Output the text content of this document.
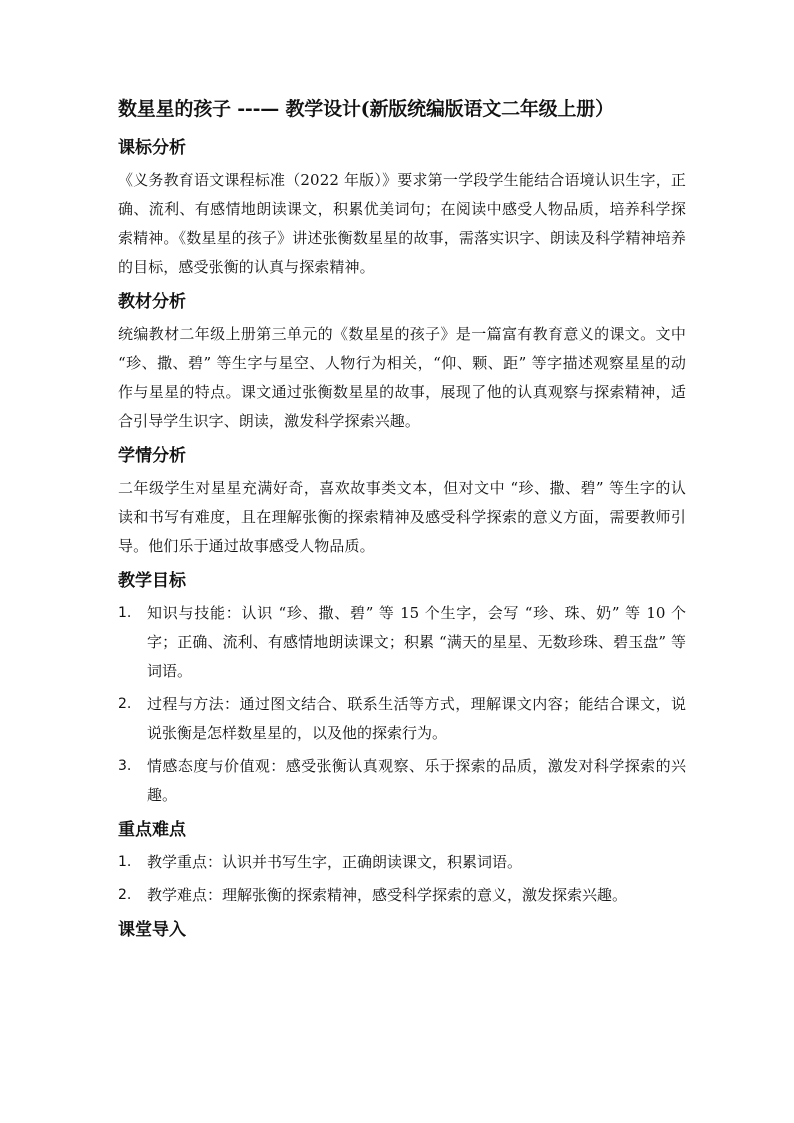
数星星的孩子 ---— 教学设计(新版统编版语文二年级上册）
课标分析

《义务教育语文课程标准（2022 年版）》要求第一学段学生能结合语境认识生字，正确、流利、有感情地朗读课文，积累优美词句；在阅读中感受人物品质，培养科学探索精神。《数星星的孩子》讲述张衡数星星的故事，需落实识字、朗读及科学精神培养的目标，感受张衡的认真与探索精神。

教材分析

统编教材二年级上册第三单元的《数星星的孩子》是一篇富有教育意义的课文。文中 “珍、撒、碧” 等生字与星空、人物行为相关，“仰、颗、距” 等字描述观察星星的动作与星星的特点。课文通过张衡数星星的故事，展现了他的认真观察与探索精神，适合引导学生识字、朗读，激发科学探索兴趣。

学情分析

二年级学生对星星充满好奇，喜欢故事类文本，但对文中 “珍、撒、碧” 等生字的认读和书写有难度，且在理解张衡的探索精神及感受科学探索的意义方面，需要教师引导。他们乐于通过故事感受人物品质。

教学目标
1. 知识与技能：认识 “珍、撒、碧” 等 15 个生字，会写 “珍、珠、奶” 等 10 个字；正确、流利、有感情地朗读课文；积累 “满天的星星、无数珍珠、碧玉盘” 等词语。
2. 过程与方法：通过图文结合、联系生活等方式，理解课文内容；能结合课文，说说张衡是怎样数星星的，以及他的探索行为。
3. 情感态度与价值观：感受张衡认真观察、乐于探索的品质，激发对科学探索的兴趣。
重点难点
1. 教学重点：认识并书写生字，正确朗读课文，积累词语。
2. 教学难点：理解张衡的探索精神，感受科学探索的意义，激发探索兴趣。
课堂导入
